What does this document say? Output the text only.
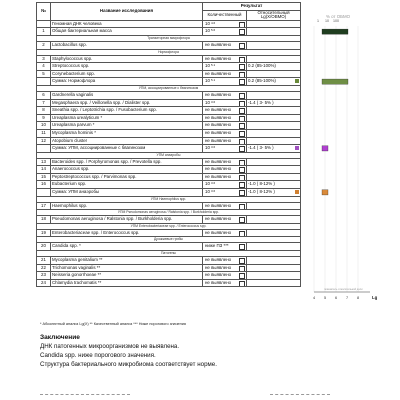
№	Название исследования	Результат	
		Количественный	Относительный Lg(X/OBMO)
	Геномная ДНК человека	10 4.6	

1	Общая бактериальная масса	10 5.6	

Транзиторная микрофлора			
2	Lactobacillus spp.	не выявлено	

Нормофлора			
3	Staphylococcus spp.	не выявлено	

4	Streptococcus spp.	10 5.1	0.2 (85-100%)
5	Corynebacterium spp.	не выявлено	

	Сумма: Нормофлора	10 5.1	0.2 (85-100%)

УПМ, ассоциированные с бвагинозом			
6	Gardnerella vaginalis	не выявлено	

7	Megasphaera spp. / Veillonella spp. / Dialister spp.	10 3.6	-1.4 ( 3- 5% )
8	Sneathia spp. / Leptotrichia spp. / Fusobacterium spp.	не выявлено	

9	Ureaplasma urealyticum *	не выявлено	

10	Ureaplasma parvum *	не выявлено	

11	Mycoplasma hominis *	не выявлено	

12	Atopobium cluster	не выявлено	

	Сумма: УПМ, ассоциированные с бвагинозом	10 3.6	-1.4 ( 3- 5% )

УПМ анаэробы			
13	Bacteroides spp. / Porphyromonas spp. / Prevotella spp.	не выявлено	

14	Anaerococcus spp.	не выявлено	

15	Peptostreptococcus spp. / Parvimonas spp.	не выявлено	

16	Eubacterium spp.	10 3.6	-1.0 ( 8-12% )
	Сумма: УПМ анаэробы	10 3.6	-1.0 ( 8-12% )

УПМ Haemophilus spp.			
17	Haemophilus spp.	не выявлено	

УПМ Pseudomonas aeruginosa / Ralstonia spp. / Burkholderia spp.			
18	Pseudomonas aeruginosa / Ralstonia spp. / Burkholderia spp.	не выявлено	

УПМ Enterobacteriaceae spp. / Enterococcus spp.			
19	Enterobacteriaceae spp. / Enterococcus spp.	не выявлено	

Дрожжевые грибы			
20	Candida spp. *	ниже ПЗ ***	

Патогены			
21	Mycoplasma genitalium **	не выявлено	

22	Trichomonas vaginalis **	не выявлено	

23	Neisseria gonorrhoeae **	не выявлено	

24	Chlamydia trachomatis **	не выявлено	

% от ОБМО
1 10 100
4 5 6 7 8	Lg
показатель относительной доли
* Абсолютный анализ Lg(X) ** Качественный анализ *** Ниже порогового значения
Заключение
ДНК патогенных микроорганизмов не выявлена.
Candida spp. ниже порогового значения.
Структура бактериального микробиома соответствует норме.
